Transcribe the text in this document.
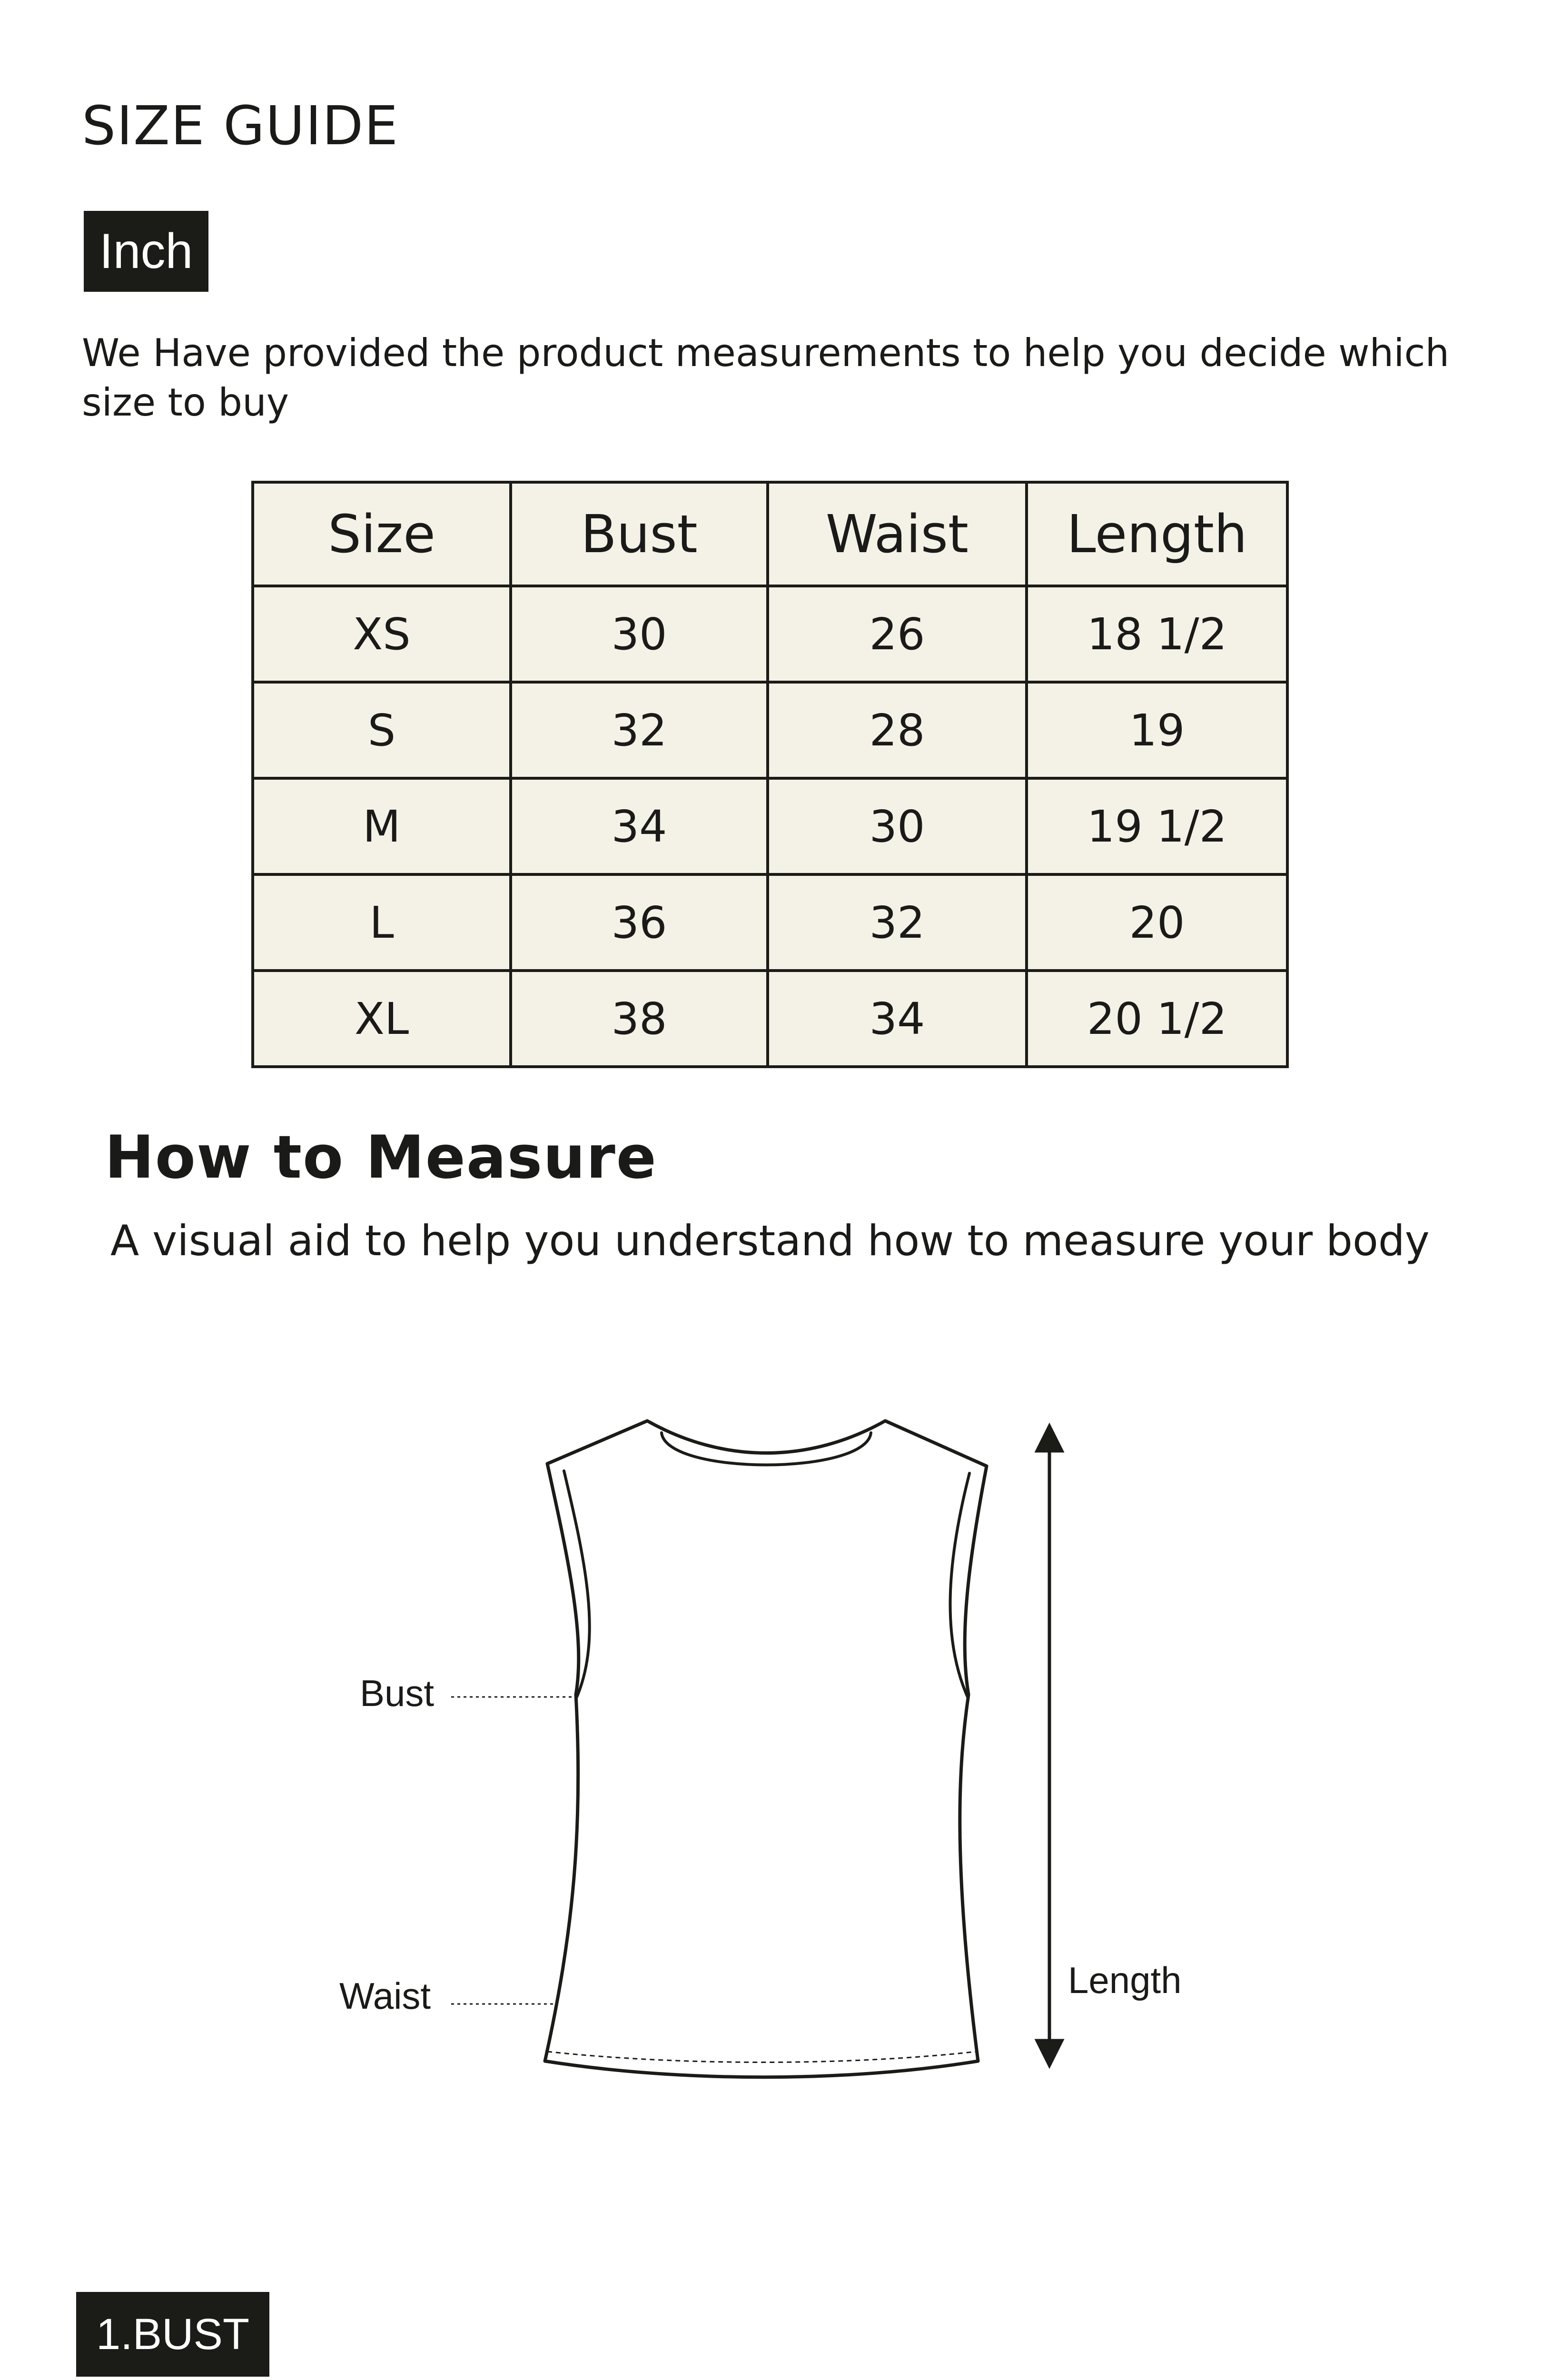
SIZE GUIDE
Inch
We Have provided the product measurements to help you decide which size to buy
Size	Bust	Waist	Length
XS	30	26	18 1/2
S	32	28	19
M	34	30	19 1/2
L	36	32	20
XL	38	34	20 1/2
How to Measure
A visual aid to help you understand how to measure your body
Bust
Waist	Length
1.BUST
